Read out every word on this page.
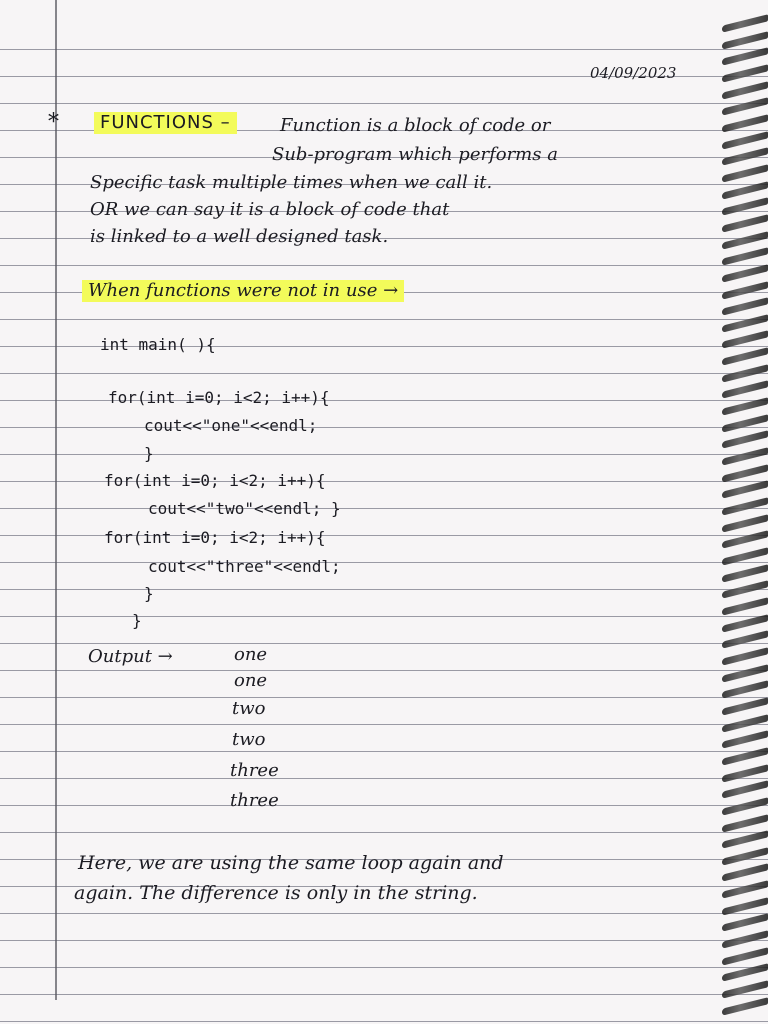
04/09/2023
*	FUNCTIONS –	Function is a block of code or
Sub-program which performs a
Specific task multiple times when we call it.
OR we can say it is a block of code that
is linked to a well designed task.
When functions were not in use →
int main( ){
for(int i=0; i<2; i++){
cout<<"one"<<endl;
}
for(int i=0; i<2; i++){
cout<<"two"<<endl; }
for(int i=0; i<2; i++){
cout<<"three"<<endl;
}
}
Output →	one
one
two
two
three
three
Here, we are using the same loop again and
again. The difference is only in the string.
